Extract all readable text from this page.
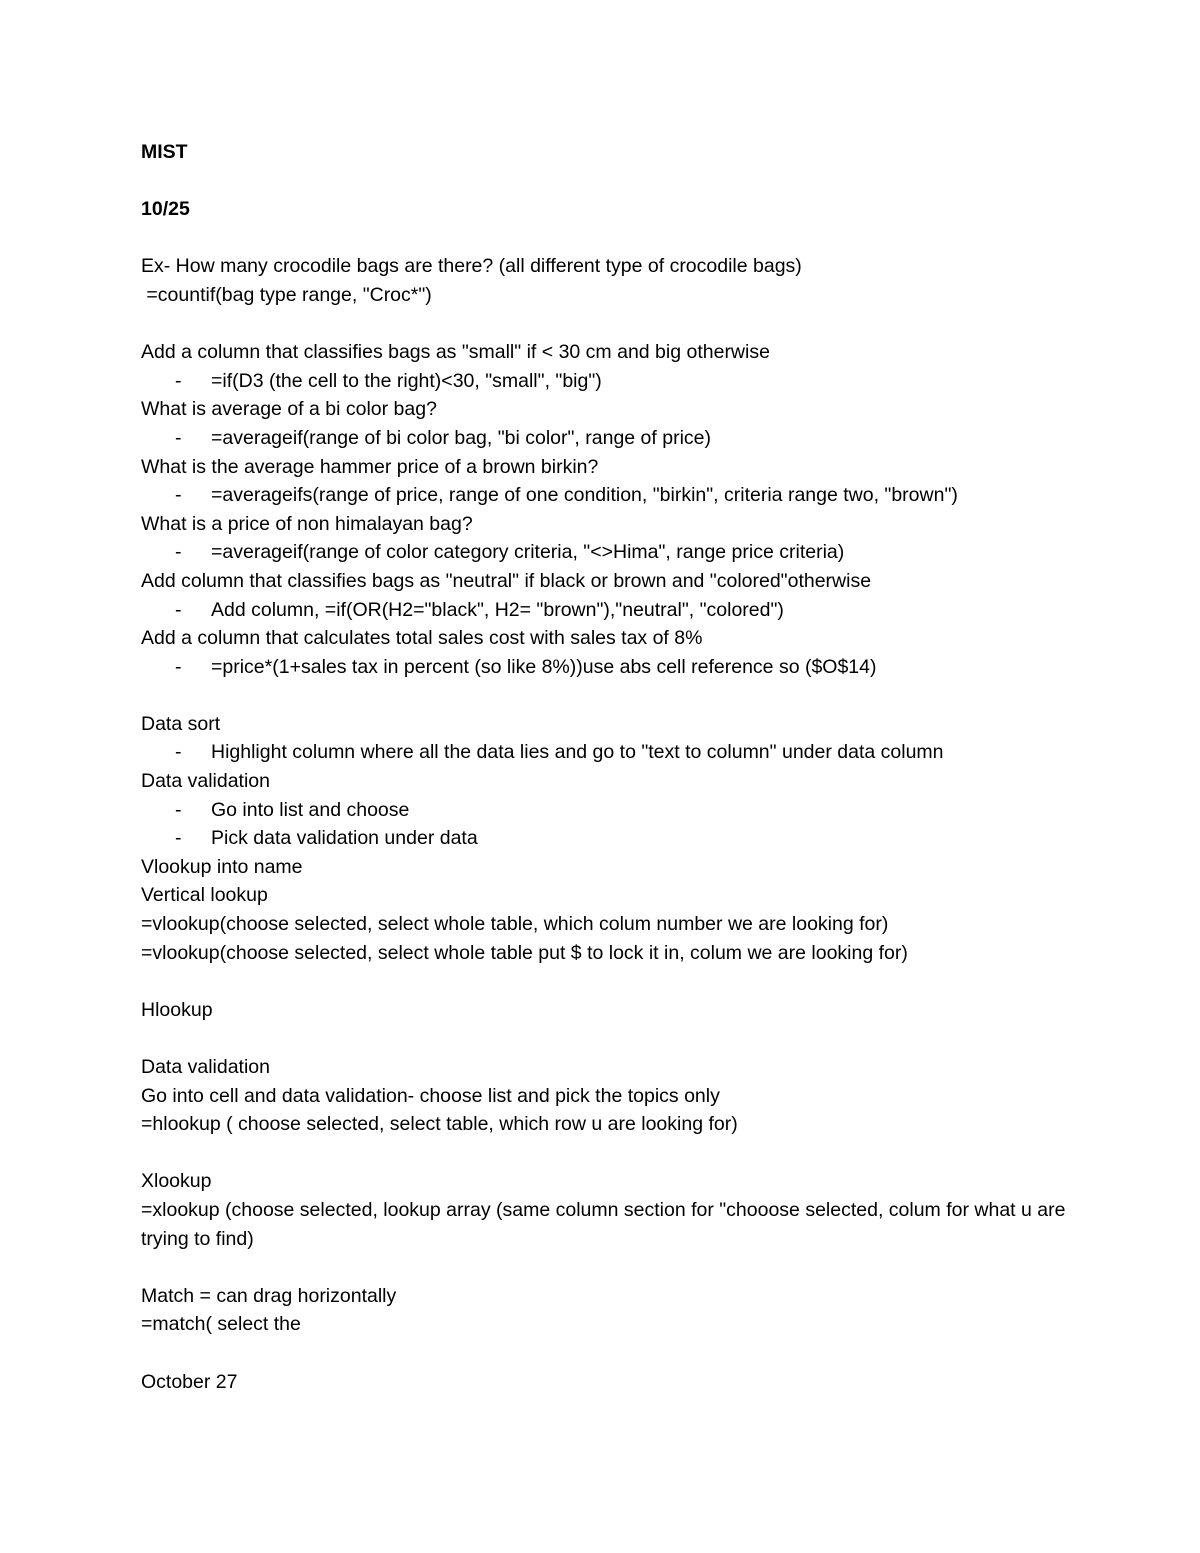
MIST
10/25
Ex- How many crocodile bags are there? (all different type of crocodile bags)
=countif(bag type range, "Croc*")
Add a column that classifies bags as "small" if < 30 cm and big otherwise
- =if(D3 (the cell to the right)<30, "small", "big")
What is average of a bi color bag?
- =averageif(range of bi color bag, "bi color", range of price)
What is the average hammer price of a brown birkin?
- =averageifs(range of price, range of one condition, "birkin", criteria range two, "brown")
What is a price of non himalayan bag?
- =averageif(range of color category criteria, "<>Hima", range price criteria)
Add column that classifies bags as "neutral" if black or brown and "colored"otherwise
- Add column, =if(OR(H2="black", H2= "brown"),"neutral", "colored")
Add a column that calculates total sales cost with sales tax of 8%
- =price*(1+sales tax in percent (so like 8%))use abs cell reference so ($O$14)
Data sort
- Highlight column where all the data lies and go to "text to column" under data column
Data validation
- Go into list and choose
- Pick data validation under data
Vlookup into name
Vertical lookup
=vlookup(choose selected, select whole table, which colum number we are looking for)
=vlookup(choose selected, select whole table put $ to lock it in, colum we are looking for)
Hlookup
Data validation
Go into cell and data validation- choose list and pick the topics only
=hlookup ( choose selected, select table, which row u are looking for)
Xlookup
=xlookup (choose selected, lookup array (same column section for "chooose selected, colum for what u are trying to find)
Match = can drag horizontally
=match( select the
October 27
